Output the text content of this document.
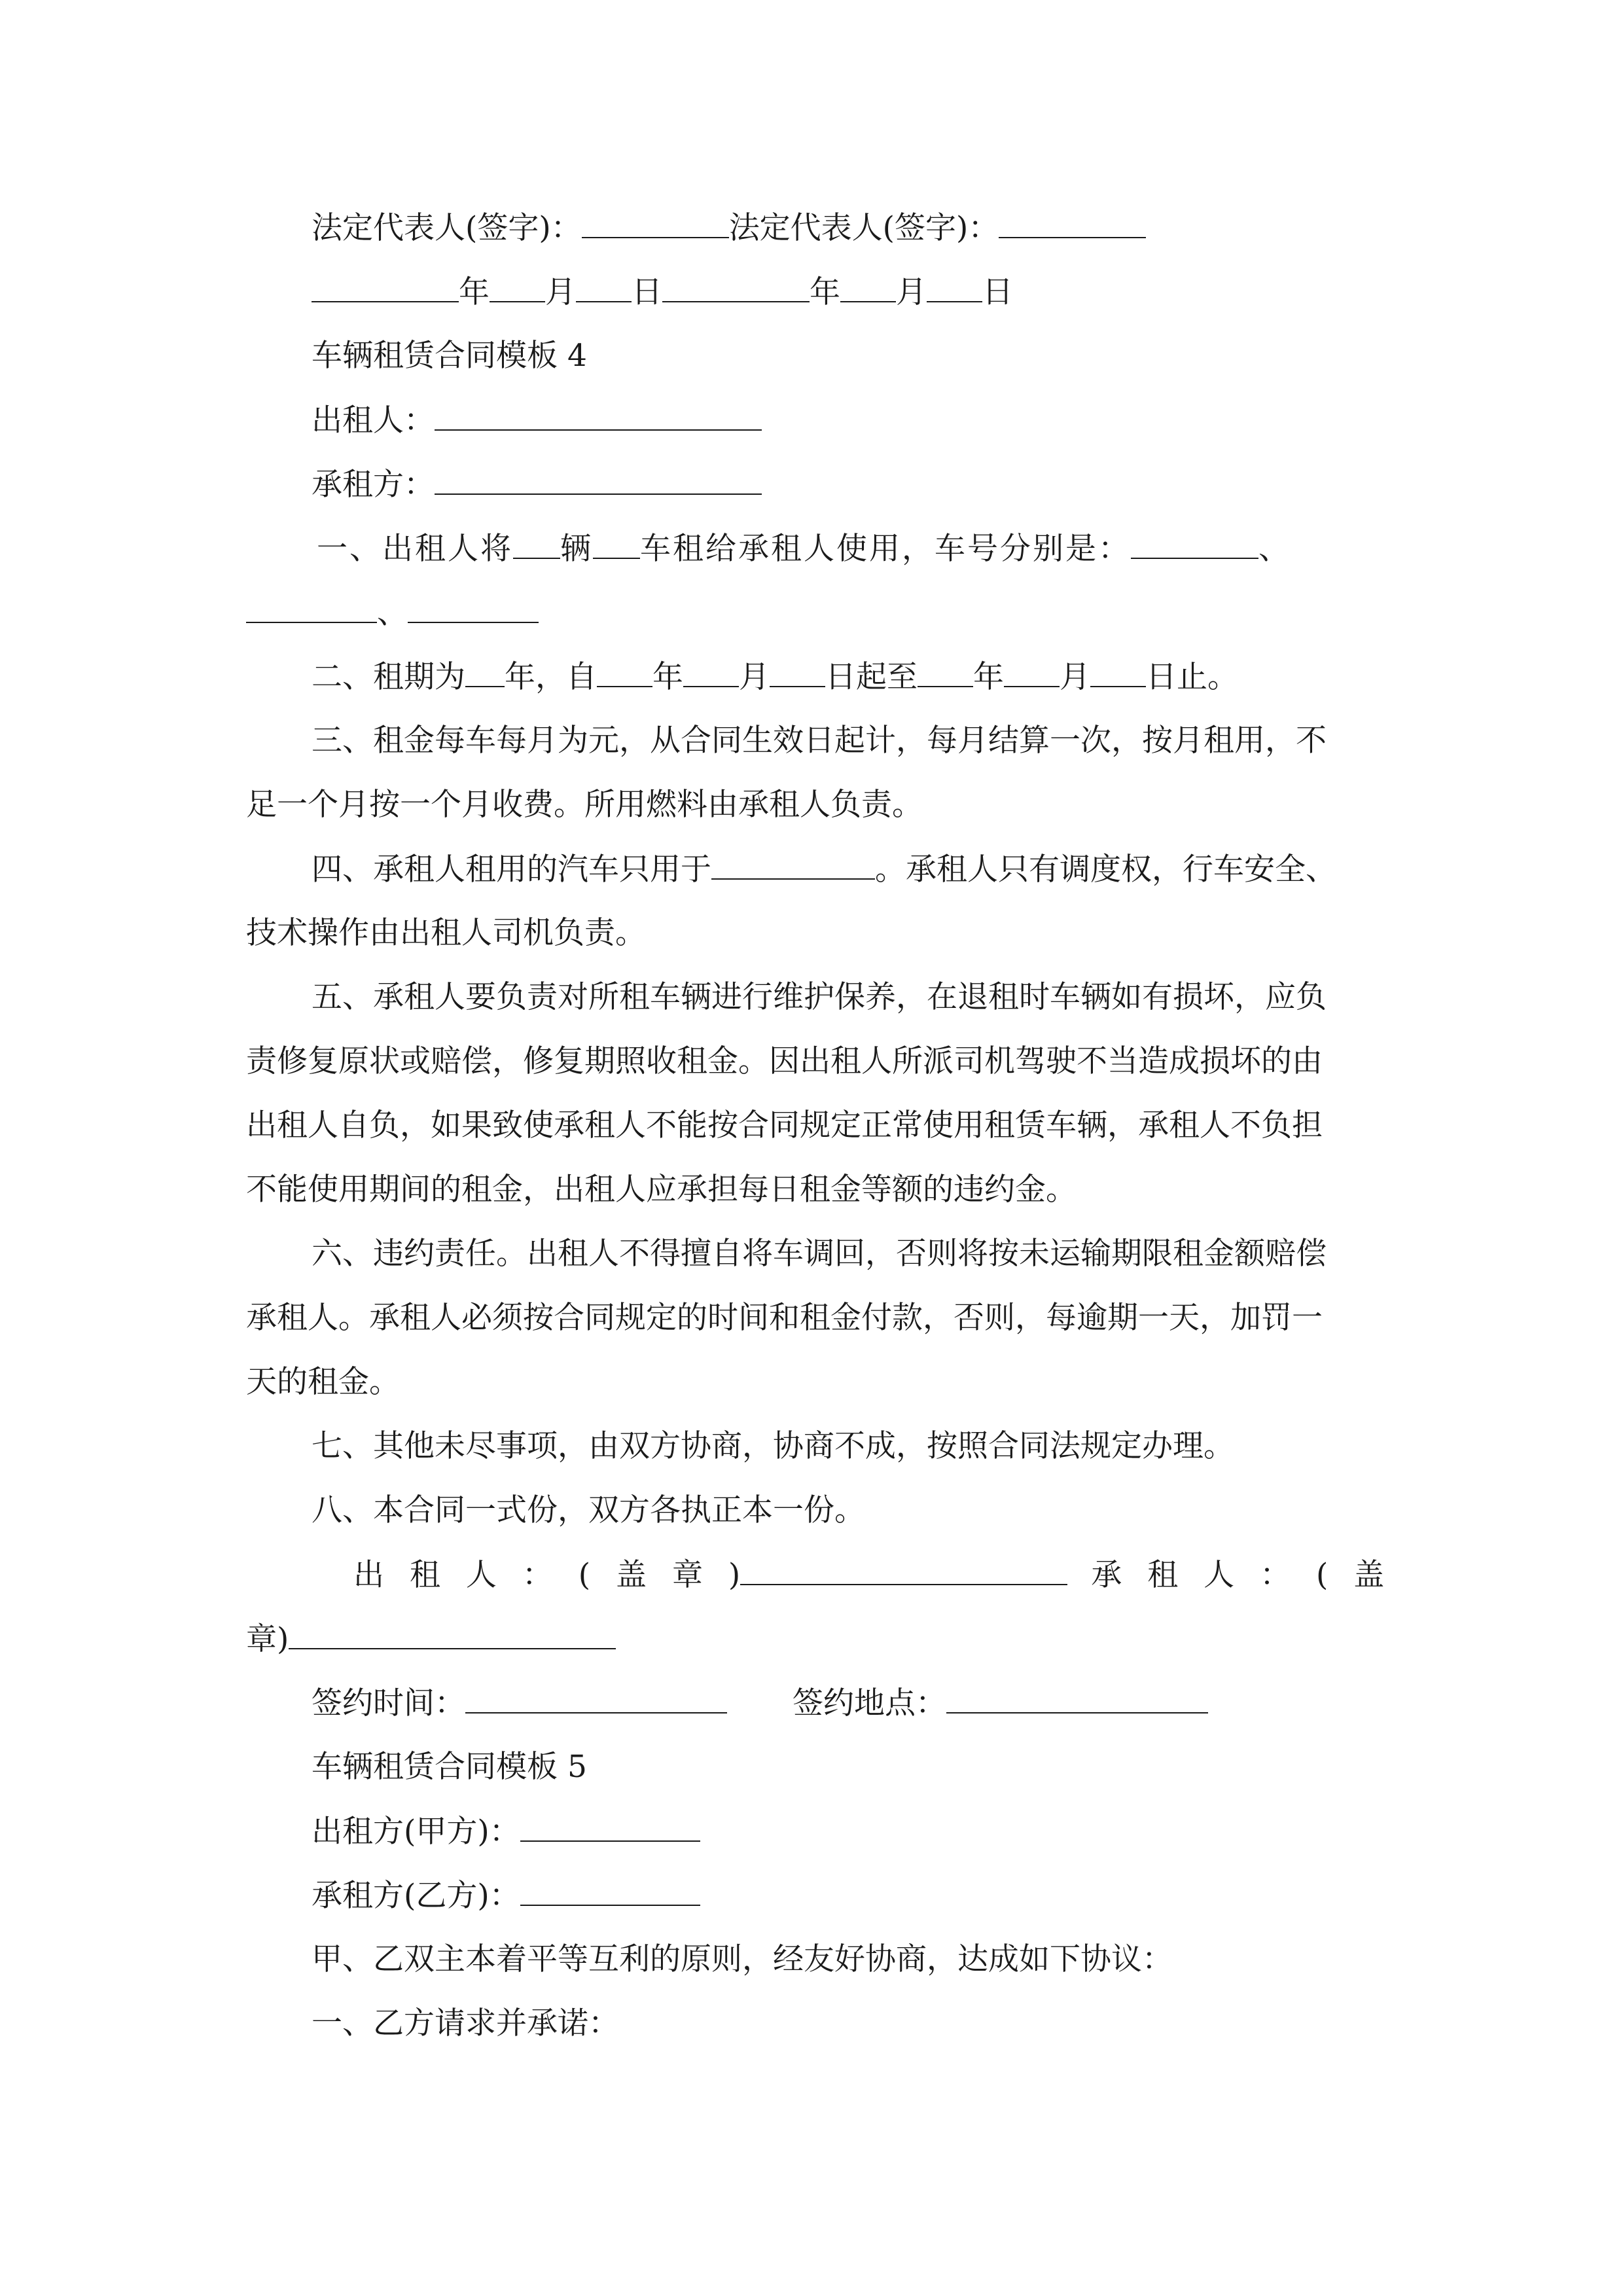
法定代表人(签字)：	法定代表人(签字)：
年 月 日	年 月 日
车辆租赁合同模板 4
出租人：
承租方：
一、出租人将 辆 车租给承租人使用，车号分别是：	、
、
二、租期为 年，自 年 月 日起至 年 月 日止。
三、租金每车每月为元，从合同生效日起计，每月结算一次，按月租用，不
足一个月按一个月收费。所用燃料由承租人负责。
四、承租人租用的汽车只用于	。承租人只有调度权，行车安全、
技术操作由出租人司机负责。
五、承租人要负责对所租车辆进行维护保养，在退租时车辆如有损坏，应负
责修复原状或赔偿，修复期照收租金。因出租人所派司机驾驶不当造成损坏的由
出租人自负，如果致使承租人不能按合同规定正常使用租赁车辆，承租人不负担
不能使用期间的租金，出租人应承担每日租金等额的违约金。
六、违约责任。出租人不得擅自将车调回，否则将按未运输期限租金额赔偿
承租人。承租人必须按合同规定的时间和租金付款，否则，每逾期一天，加罚一
天的租金。
七、其他未尽事项，由双方协商，协商不成，按照合同法规定办理。
八、本合同一式份，双方各执正本一份。
出 租 人 ： ( 盖 章 )	承 租 人 ： ( 盖
章)
签约时间：	签约地点：
车辆租赁合同模板 5
出租方(甲方)：
承租方(乙方)：
甲、乙双主本着平等互利的原则，经友好协商，达成如下协议：
一、乙方请求并承诺：
